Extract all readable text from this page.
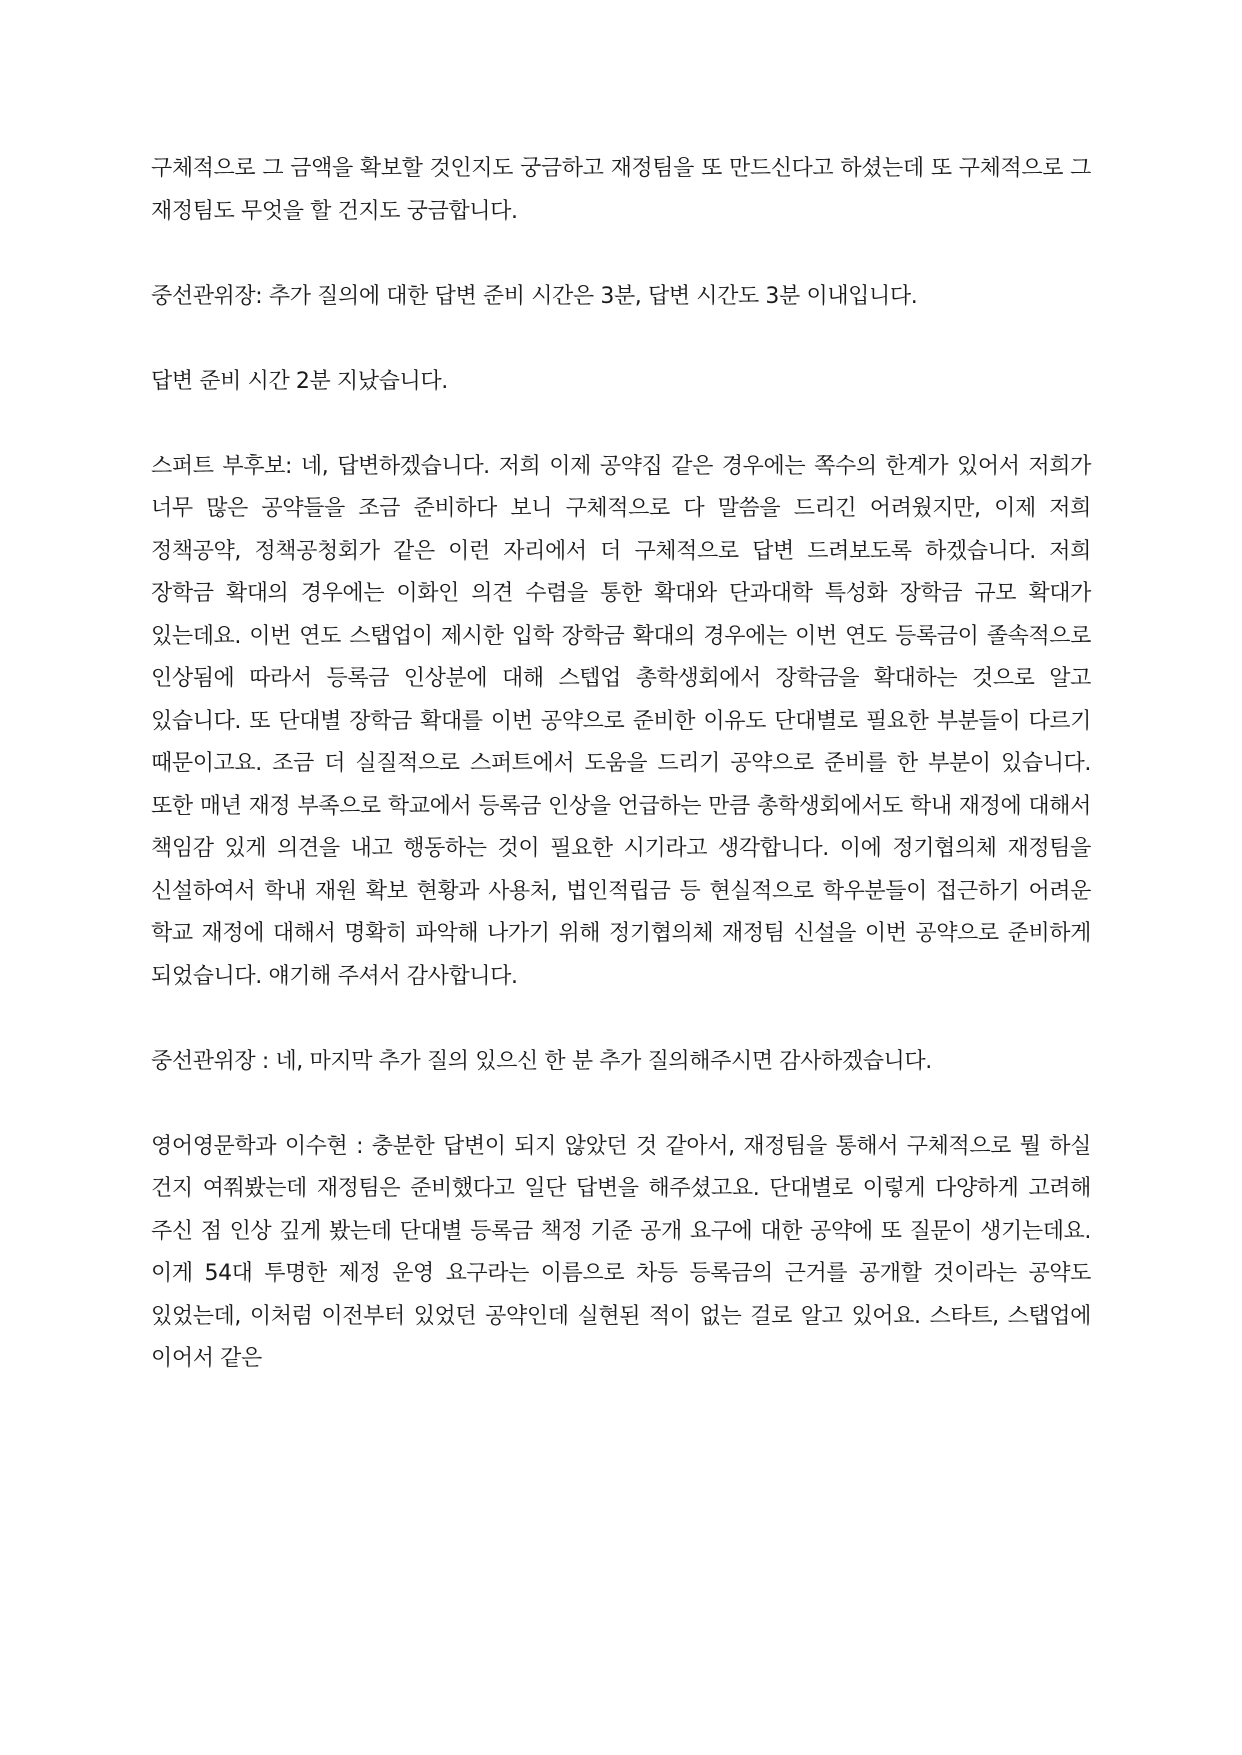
구체적으로 그 금액을 확보할 것인지도 궁금하고 재정팀을 또 만드신다고 하셨는데 또 구체적으로 그 재정팀도 무엇을 할 건지도 궁금합니다.

중선관위장: 추가 질의에 대한 답변 준비 시간은 3분, 답변 시간도 3분 이내입니다.

답변 준비 시간 2분 지났습니다.

스퍼트 부후보: 네, 답변하겠습니다. 저희 이제 공약집 같은 경우에는 쪽수의 한계가 있어서 저희가 너무 많은 공약들을 조금 준비하다 보니 구체적으로 다 말씀을 드리긴 어려웠지만, 이제 저희 정책공약, 정책공청회가 같은 이런 자리에서 더 구체적으로 답변 드려보도록 하겠습니다. 저희 장학금 확대의 경우에는 이화인 의견 수렴을 통한 확대와 단과대학 특성화 장학금 규모 확대가 있는데요. 이번 연도 스탭업이 제시한 입학 장학금 확대의 경우에는 이번 연도 등록금이 졸속적으로 인상됨에 따라서 등록금 인상분에 대해 스텝업 총학생회에서 장학금을 확대하는 것으로 알고 있습니다. 또 단대별 장학금 확대를 이번 공약으로 준비한 이유도 단대별로 필요한 부분들이 다르기 때문이고요. 조금 더 실질적으로 스퍼트에서 도움을 드리기 공약으로 준비를 한 부분이 있습니다. 또한 매년 재정 부족으로 학교에서 등록금 인상을 언급하는 만큼 총학생회에서도 학내 재정에 대해서 책임감 있게 의견을 내고 행동하는 것이 필요한 시기라고 생각합니다. 이에 정기협의체 재정팀을 신설하여서 학내 재원 확보 현황과 사용처, 법인적립금 등 현실적으로 학우분들이 접근하기 어려운 학교 재정에 대해서 명확히 파악해 나가기 위해 정기협의체 재정팀 신설을 이번 공약으로 준비하게 되었습니다. 얘기해 주셔서 감사합니다.

중선관위장 : 네, 마지막 추가 질의 있으신 한 분 추가 질의해주시면 감사하겠습니다.

영어영문학과 이수현 : 충분한 답변이 되지 않았던 것 같아서, 재정팀을 통해서 구체적으로 뭘 하실 건지 여쭤봤는데 재정팀은 준비했다고 일단 답변을 해주셨고요. 단대별로 이렇게 다양하게 고려해 주신 점 인상 깊게 봤는데 단대별 등록금 책정 기준 공개 요구에 대한 공약에 또 질문이 생기는데요. 이게 54대 투명한 제정 운영 요구라는 이름으로 차등 등록금의 근거를 공개할 것이라는 공약도 있었는데, 이처럼 이전부터 있었던 공약인데 실현된 적이 없는 걸로 알고 있어요. 스타트, 스탭업에 이어서 같은
